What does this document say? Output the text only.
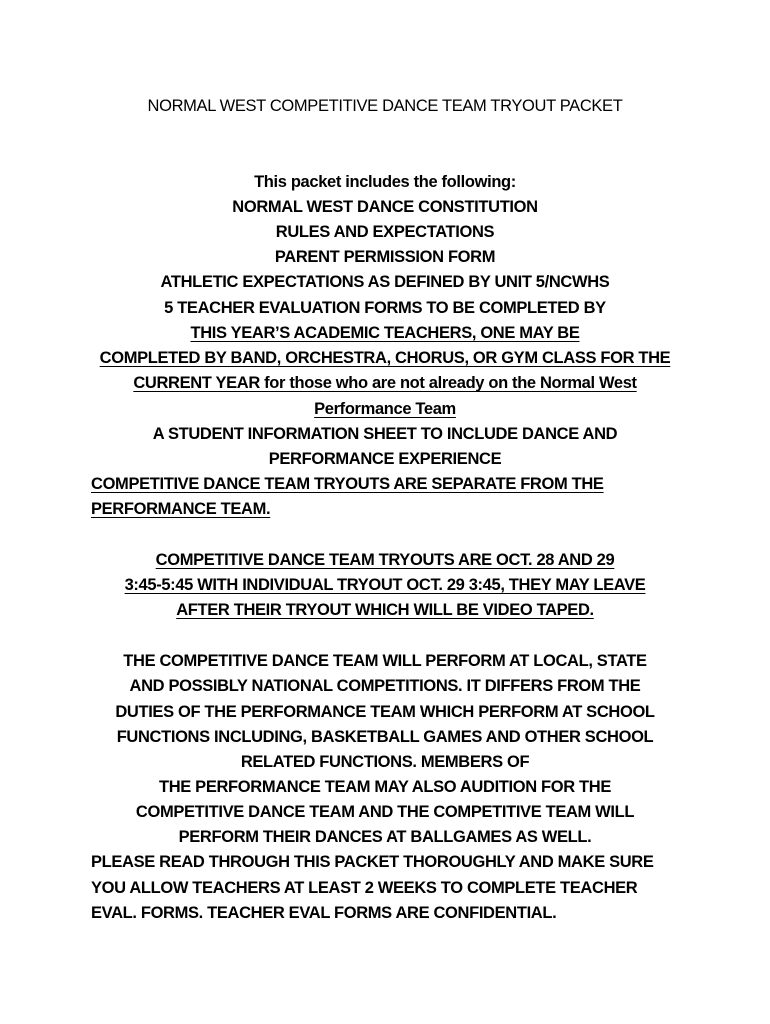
NORMAL WEST COMPETITIVE DANCE TEAM TRYOUT PACKET
This packet includes the following:
NORMAL WEST DANCE CONSTITUTION
RULES AND EXPECTATIONS
PARENT PERMISSION FORM
ATHLETIC EXPECTATIONS AS DEFINED BY UNIT 5/NCWHS
5 TEACHER EVALUATION FORMS TO BE COMPLETED BY
THIS YEAR’S ACADEMIC TEACHERS, ONE MAY BE
COMPLETED BY BAND, ORCHESTRA, CHORUS, OR GYM CLASS FOR THE
CURRENT YEAR for those who are not already on the Normal West
Performance Team
A STUDENT INFORMATION SHEET TO INCLUDE DANCE AND
PERFORMANCE EXPERIENCE
COMPETITIVE DANCE TEAM TRYOUTS ARE SEPARATE FROM THE
PERFORMANCE TEAM.
COMPETITIVE DANCE TEAM TRYOUTS ARE OCT. 28 AND 29
3:45-5:45 WITH INDIVIDUAL TRYOUT OCT. 29 3:45, THEY MAY LEAVE
AFTER THEIR TRYOUT WHICH WILL BE VIDEO TAPED.
THE COMPETITIVE DANCE TEAM WILL PERFORM AT LOCAL, STATE
AND POSSIBLY NATIONAL COMPETITIONS. IT DIFFERS FROM THE
DUTIES OF THE PERFORMANCE TEAM WHICH PERFORM AT SCHOOL
FUNCTIONS INCLUDING, BASKETBALL GAMES AND OTHER SCHOOL
RELATED FUNCTIONS. MEMBERS OF
THE PERFORMANCE TEAM MAY ALSO AUDITION FOR THE
COMPETITIVE DANCE TEAM AND THE COMPETITIVE TEAM WILL
PERFORM THEIR DANCES AT BALLGAMES AS WELL.
PLEASE READ THROUGH THIS PACKET THOROUGHLY AND MAKE SURE
YOU ALLOW TEACHERS AT LEAST 2 WEEKS TO COMPLETE TEACHER
EVAL. FORMS. TEACHER EVAL FORMS ARE CONFIDENTIAL.
